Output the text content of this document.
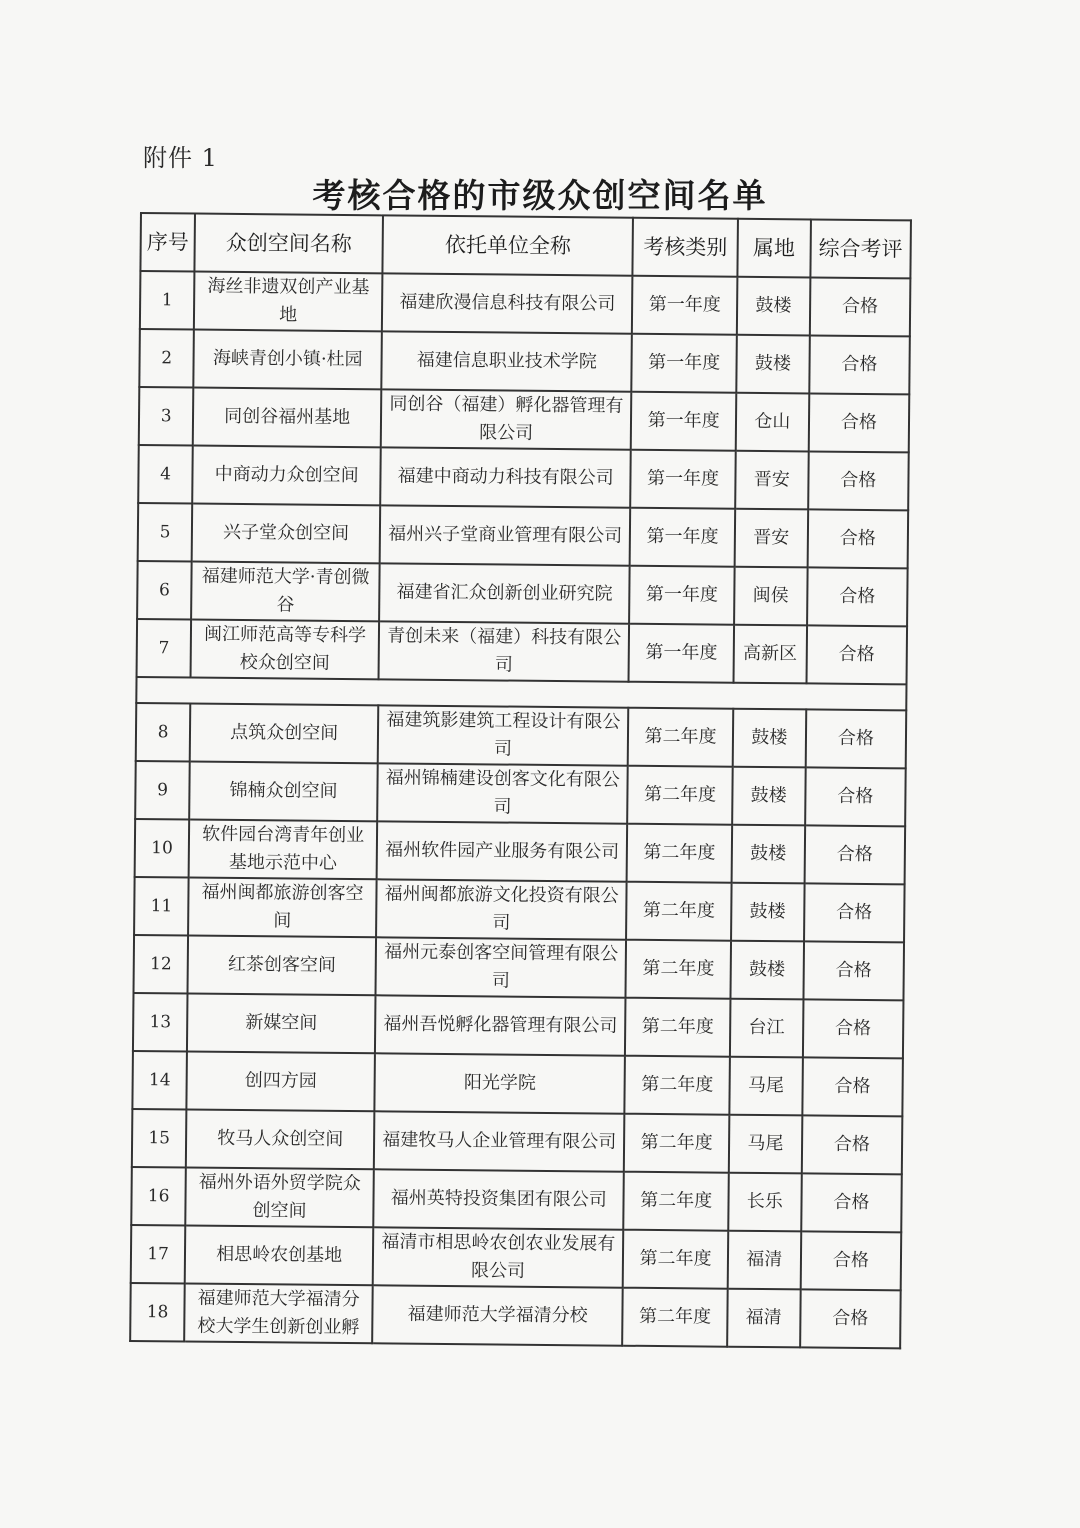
附件 1
考核合格的市级众创空间名单
序号	众创空间名称	依托单位全称	考核类别	属地	综合考评
1	海丝非遗双创产业基地	福建欣漫信息科技有限公司	第一年度	鼓楼	合格
2	海峡青创小镇·杜园	福建信息职业技术学院	第一年度	鼓楼	合格
3	同创谷福州基地	同创谷（福建）孵化器管理有限公司	第一年度	仓山	合格
4	中商动力众创空间	福建中商动力科技有限公司	第一年度	晋安	合格
5	兴子堂众创空间	福州兴子堂商业管理有限公司	第一年度	晋安	合格
6	福建师范大学·青创微谷	福建省汇众创新创业研究院	第一年度	闽侯	合格
7	闽江师范高等专科学校众创空间	青创未来（福建）科技有限公司	第一年度	高新区	合格

8	点筑众创空间	福建筑影建筑工程设计有限公司	第二年度	鼓楼	合格
9	锦楠众创空间	福州锦楠建设创客文化有限公司	第二年度	鼓楼	合格
10	软件园台湾青年创业基地示范中心	福州软件园产业服务有限公司	第二年度	鼓楼	合格
11	福州闽都旅游创客空间	福州闽都旅游文化投资有限公司	第二年度	鼓楼	合格
12	红茶创客空间	福州元泰创客空间管理有限公司	第二年度	鼓楼	合格
13	新媒空间	福州吾悦孵化器管理有限公司	第二年度	台江	合格
14	创四方园	阳光学院	第二年度	马尾	合格
15	牧马人众创空间	福建牧马人企业管理有限公司	第二年度	马尾	合格
16	福州外语外贸学院众创空间	福州英特投资集团有限公司	第二年度	长乐	合格
17	相思岭农创基地	福清市相思岭农创农业发展有限公司	第二年度	福清	合格
18	福建师范大学福清分校大学生创新创业孵	福建师范大学福清分校	第二年度	福清	合格
